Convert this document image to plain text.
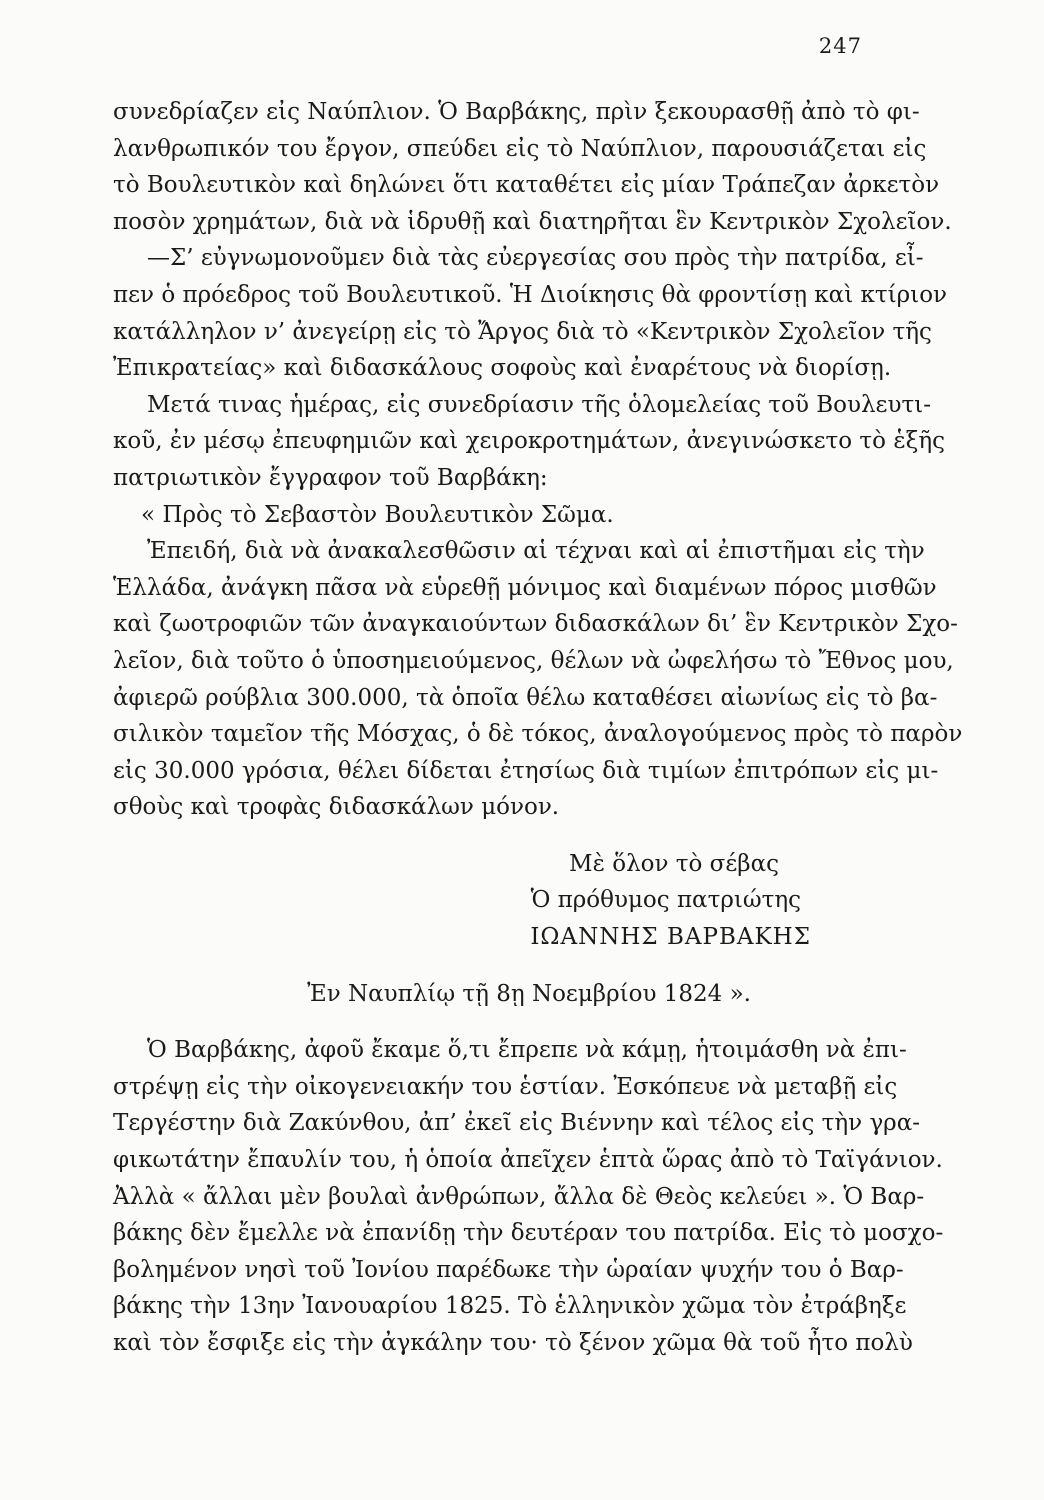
247
συνεδρίαζεν εἰς Ναύπλιον. Ὁ Βαρβάκης, πρὶν ξεκουρασθῇ ἀπὸ τὸ φι-
λανθρωπικόν του ἔργον, σπεύδει εἰς τὸ Ναύπλιον, παρουσιάζεται εἰς
τὸ Βουλευτικὸν καὶ δηλώνει ὅτι καταθέτει εἰς μίαν Τράπεζαν ἀρκετὸν
ποσὸν χρημάτων, διὰ νὰ ἱδρυθῇ καὶ διατηρῆται ἓν Κεντρικὸν Σχολεῖον.
—Σ’ εὐγνωμονοῦμεν διὰ τὰς εὐεργεσίας σου πρὸς τὴν πατρίδα, εἶ-
πεν ὁ πρόεδρος τοῦ Βουλευτικοῦ. Ἡ Διοίκησις θὰ φροντίσῃ καὶ κτίριον
κατάλληλον ν’ ἀνεγείρῃ εἰς τὸ Ἄργος διὰ τὸ «Κεντρικὸν Σχολεῖον τῆς
Ἐπικρατείας» καὶ διδασκάλους σοφοὺς καὶ ἐναρέτους νὰ διορίσῃ.
Μετά τινας ἡμέρας, εἰς συνεδρίασιν τῆς ὁλομελείας τοῦ Βουλευτι-
κοῦ, ἐν μέσῳ ἐπευφημιῶν καὶ χειροκροτημάτων, ἀνεγινώσκετο τὸ ἑξῆς
πατριωτικὸν ἔγγραφον τοῦ Βαρβάκη:
« Πρὸς τὸ Σεβαστὸν Βουλευτικὸν Σῶμα.
Ἐπειδή, διὰ νὰ ἀνακαλεσθῶσιν αἱ τέχναι καὶ αἱ ἐπιστῆμαι εἰς τὴν
Ἑλλάδα, ἀνάγκη πᾶσα νὰ εὑρεθῇ μόνιμος καὶ διαμένων πόρος μισθῶν
καὶ ζωοτροφιῶν τῶν ἀναγκαιούντων διδασκάλων δι’ ἓν Κεντρικὸν Σχο-
λεῖον, διὰ τοῦτο ὁ ὑποσημειούμενος, θέλων νὰ ὠφελήσω τὸ Ἔθνος μου,
ἀφιερῶ ρούβλια 300.000, τὰ ὁποῖα θέλω καταθέσει αἰωνίως εἰς τὸ βα-
σιλικὸν ταμεῖον τῆς Μόσχας, ὁ δὲ τόκος, ἀναλογούμενος πρὸς τὸ παρὸν
εἰς 30.000 γρόσια, θέλει δίδεται ἐτησίως διὰ τιμίων ἐπιτρόπων εἰς μι-
σθοὺς καὶ τροφὰς διδασκάλων μόνον.
Μὲ ὅλον τὸ σέβας
Ὁ πρόθυμος πατριώτης
ΙΩΑΝΝΗΣ ΒΑΡΒΑΚΗΣ
Ἐν Ναυπλίῳ τῇ 8ῃ Νοεμβρίου 1824 ».
Ὁ Βαρβάκης, ἀφοῦ ἔκαμε ὅ,τι ἔπρεπε νὰ κάμῃ, ἡτοιμάσθη νὰ ἐπι-
στρέψῃ εἰς τὴν οἰκογενειακήν του ἑστίαν. Ἐσκόπευε νὰ μεταβῇ εἰς
Τεργέστην διὰ Ζακύνθου, ἀπ’ ἐκεῖ εἰς Βιέννην καὶ τέλος εἰς τὴν γρα-
φικωτάτην ἔπαυλίν του, ἡ ὁποία ἀπεῖχεν ἑπτὰ ὥρας ἀπὸ τὸ Ταϊγάνιον.
Ἀλλὰ « ἄλλαι μὲν βουλαὶ ἀνθρώπων, ἄλλα δὲ Θεὸς κελεύει ». Ὁ Βαρ-
βάκης δὲν ἔμελλε νὰ ἐπανίδῃ τὴν δευτέραν του πατρίδα. Εἰς τὸ μοσχο-
βολημένον νησὶ τοῦ Ἰονίου παρέδωκε τὴν ὡραίαν ψυχήν του ὁ Βαρ-
βάκης τὴν 13ην Ἰανουαρίου 1825. Τὸ ἑλληνικὸν χῶμα τὸν ἐτράβηξε
καὶ τὸν ἔσφιξε εἰς τὴν ἀγκάλην του· τὸ ξένον χῶμα θὰ τοῦ ἦτο πολὺ
